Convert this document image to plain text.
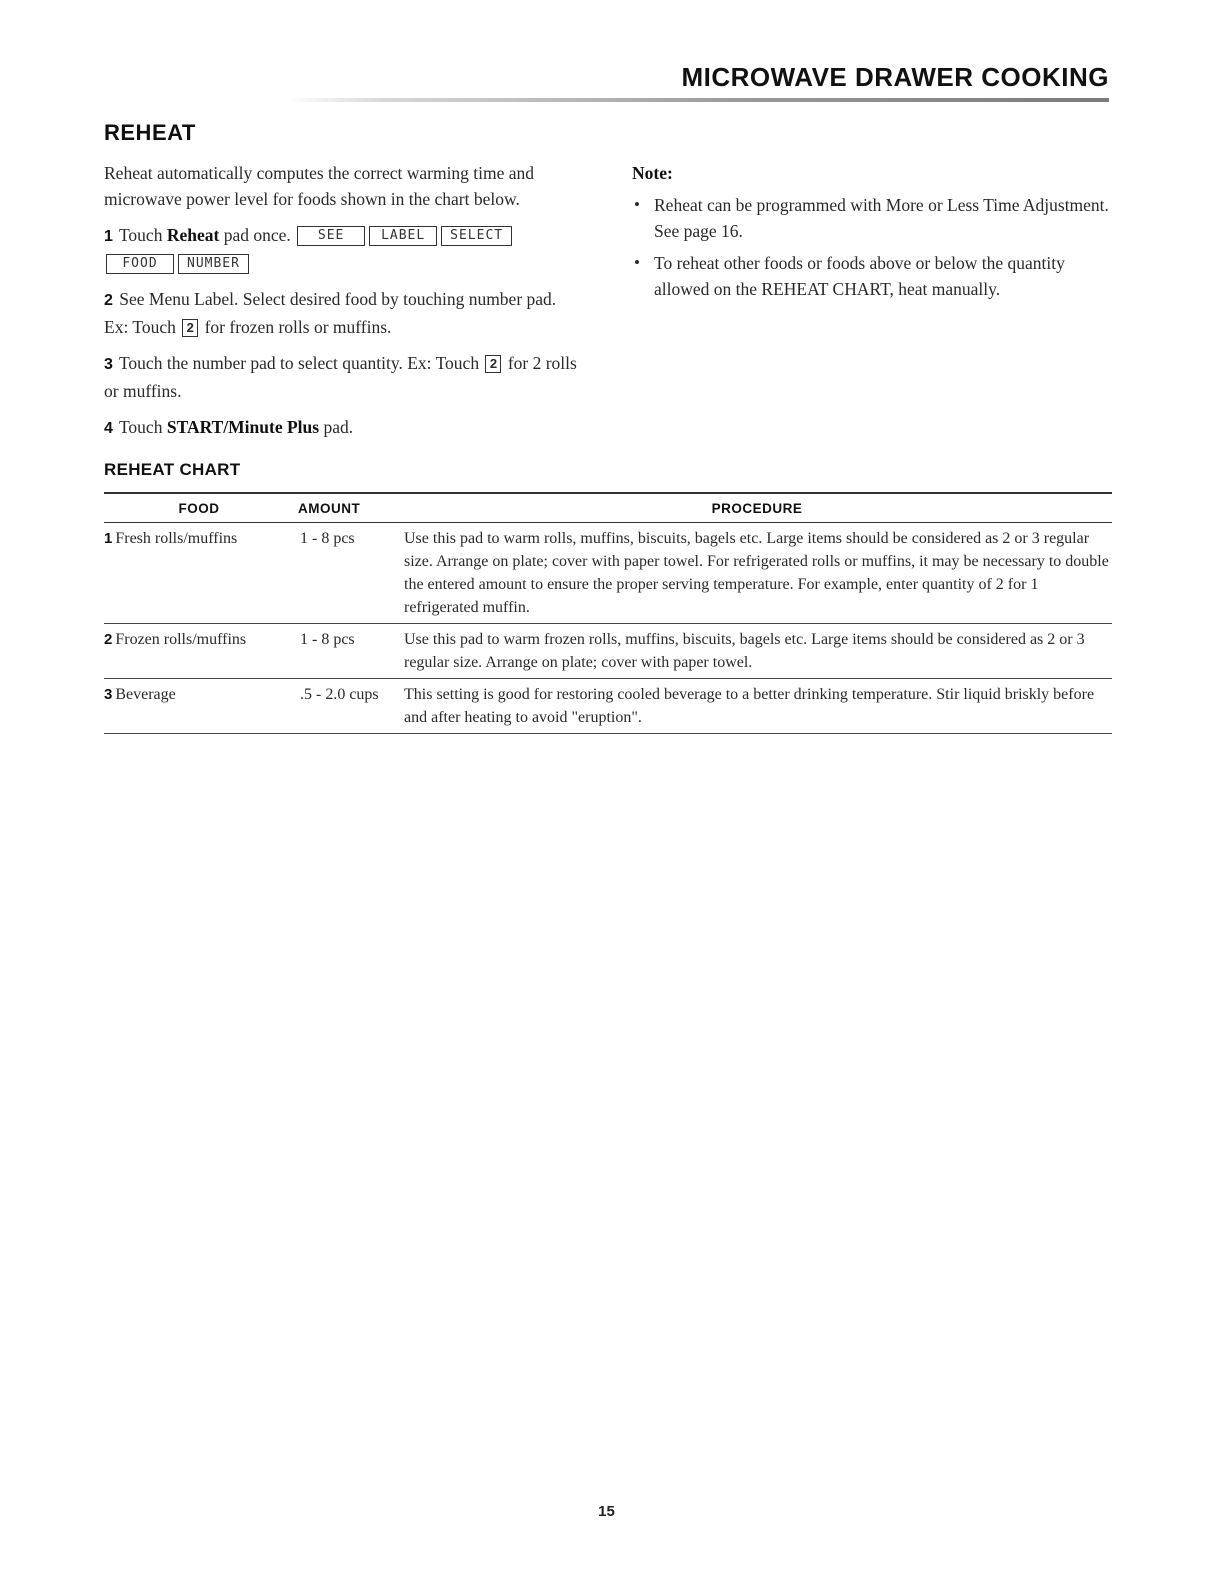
MICROWAVE DRAWER COOKING
REHEAT

Reheat automatically computes the correct warming time and microwave power level for foods shown in the chart below.

1 Touch Reheat pad once. SEE	LABEL SELECT
FOOD NUMBER

2 See Menu Label. Select desired food by touching number pad. Ex: Touch 2 for frozen rolls or muffins.

3 Touch the number pad to select quantity. Ex: Touch 2 for 2 rolls or muffins.

4 Touch START/Minute Plus pad.

Note:
• Reheat can be programmed with More or Less Time Adjustment. See page 16.
• To reheat other foods or foods above or below the quantity allowed on the REHEAT CHART, heat manually.
REHEAT CHART
FOOD	AMOUNT	PROCEDURE
1 Fresh rolls/muffins	1 - 8 pcs	Use this pad to warm rolls, muffins, biscuits, bagels etc. Large items should be considered as 2 or 3 regular size. Arrange on plate; cover with paper towel. For refrigerated rolls or muffins, it may be necessary to double the entered amount to ensure the proper serving temperature. For example, enter quantity of 2 for 1 refrigerated muffin.
2 Frozen rolls/muffins	1 - 8 pcs	Use this pad to warm frozen rolls, muffins, biscuits, bagels etc. Large items should be considered as 2 or 3 regular size. Arrange on plate; cover with paper towel.
3 Beverage	.5 - 2.0 cups	This setting is good for restoring cooled beverage to a better drinking temperature. Stir liquid briskly before and after heating to avoid "eruption".
15
